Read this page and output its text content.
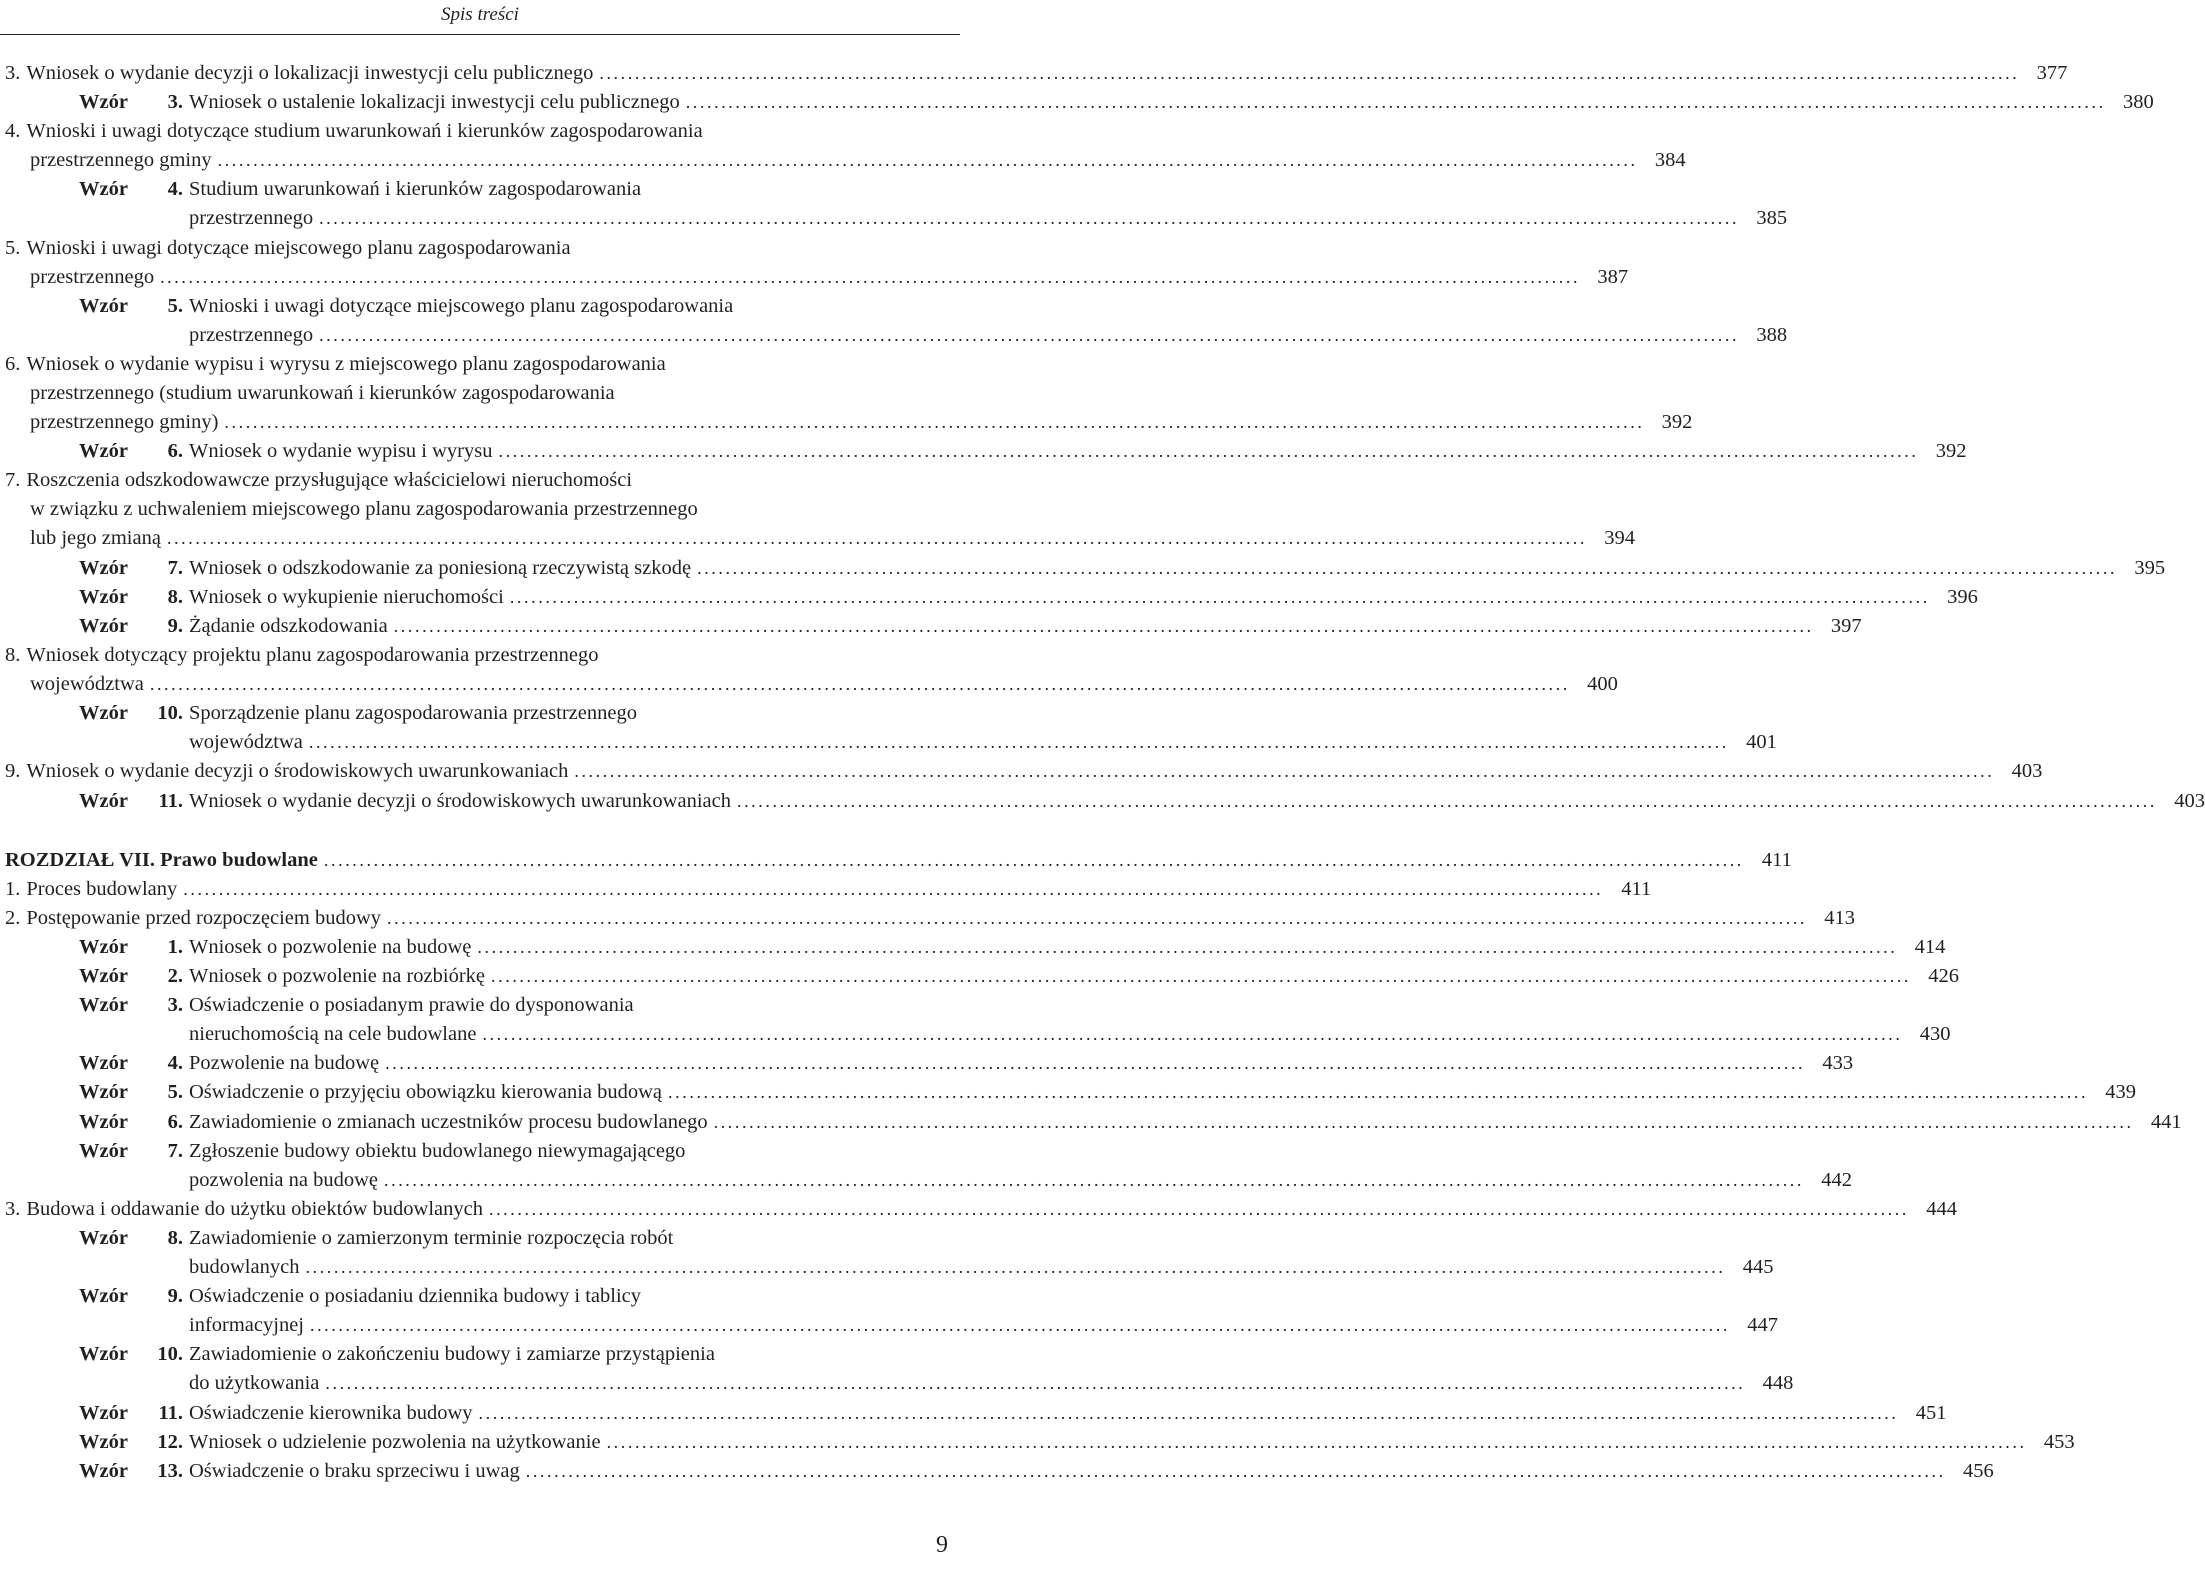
Spis treści
3. Wniosek o wydanie decyzji o lokalizacji inwestycji celu publicznego ........................................................................................................................................................................................................ 377
Wzór 3. Wniosek o ustalenie lokalizacji inwestycji celu publicznego ........................................................................................................................................................................................................ 380
4. Wnioski i uwagi dotyczące studium uwarunkowań i kierunków zagospodarowania
przestrzennego gminy ........................................................................................................................................................................................................ 384
Wzór 4. Studium uwarunkowań i kierunków zagospodarowania
przestrzennego ........................................................................................................................................................................................................ 385
5. Wnioski i uwagi dotyczące miejscowego planu zagospodarowania
przestrzennego ........................................................................................................................................................................................................ 387
Wzór 5. Wnioski i uwagi dotyczące miejscowego planu zagospodarowania
przestrzennego ........................................................................................................................................................................................................ 388
6. Wniosek o wydanie wypisu i wyrysu z miejscowego planu zagospodarowania
przestrzennego (studium uwarunkowań i kierunków zagospodarowania
przestrzennego gminy) ........................................................................................................................................................................................................ 392
Wzór 6. Wniosek o wydanie wypisu i wyrysu ........................................................................................................................................................................................................ 392
7. Roszczenia odszkodowawcze przysługujące właścicielowi nieruchomości
w związku z uchwaleniem miejscowego planu zagospodarowania przestrzennego
lub jego zmianą ........................................................................................................................................................................................................ 394
Wzór 7. Wniosek o odszkodowanie za poniesioną rzeczywistą szkodę ........................................................................................................................................................................................................ 395
Wzór 8. Wniosek o wykupienie nieruchomości ........................................................................................................................................................................................................ 396
Wzór 9. Żądanie odszkodowania ........................................................................................................................................................................................................ 397
8. Wniosek dotyczący projektu planu zagospodarowania przestrzennego
województwa ........................................................................................................................................................................................................ 400
Wzór 10. Sporządzenie planu zagospodarowania przestrzennego
województwa ........................................................................................................................................................................................................ 401
9. Wniosek o wydanie decyzji o środowiskowych uwarunkowaniach ........................................................................................................................................................................................................ 403
Wzór 11. Wniosek o wydanie decyzji o środowiskowych uwarunkowaniach ........................................................................................................................................................................................................ 403
ROZDZIAŁ VII. Prawo budowlane ........................................................................................................................................................................................................ 411
1. Proces budowlany ........................................................................................................................................................................................................ 411
2. Postępowanie przed rozpoczęciem budowy ........................................................................................................................................................................................................ 413
Wzór 1. Wniosek o pozwolenie na budowę ........................................................................................................................................................................................................ 414
Wzór 2. Wniosek o pozwolenie na rozbiórkę ........................................................................................................................................................................................................ 426
Wzór 3. Oświadczenie o posiadanym prawie do dysponowania
nieruchomością na cele budowlane ........................................................................................................................................................................................................ 430
Wzór 4. Pozwolenie na budowę ........................................................................................................................................................................................................ 433
Wzór 5. Oświadczenie o przyjęciu obowiązku kierowania budową ........................................................................................................................................................................................................ 439
Wzór 6. Zawiadomienie o zmianach uczestników procesu budowlanego ........................................................................................................................................................................................................ 441
Wzór 7. Zgłoszenie budowy obiektu budowlanego niewymagającego
pozwolenia na budowę ........................................................................................................................................................................................................ 442
3. Budowa i oddawanie do użytku obiektów budowlanych ........................................................................................................................................................................................................ 444
Wzór 8. Zawiadomienie o zamierzonym terminie rozpoczęcia robót
budowlanych ........................................................................................................................................................................................................ 445
Wzór 9. Oświadczenie o posiadaniu dziennika budowy i tablicy
informacyjnej ........................................................................................................................................................................................................ 447
Wzór 10. Zawiadomienie o zakończeniu budowy i zamiarze przystąpienia
do użytkowania ........................................................................................................................................................................................................ 448
Wzór 11. Oświadczenie kierownika budowy ........................................................................................................................................................................................................ 451
Wzór 12. Wniosek o udzielenie pozwolenia na użytkowanie ........................................................................................................................................................................................................ 453
Wzór 13. Oświadczenie o braku sprzeciwu i uwag ........................................................................................................................................................................................................ 456
9
